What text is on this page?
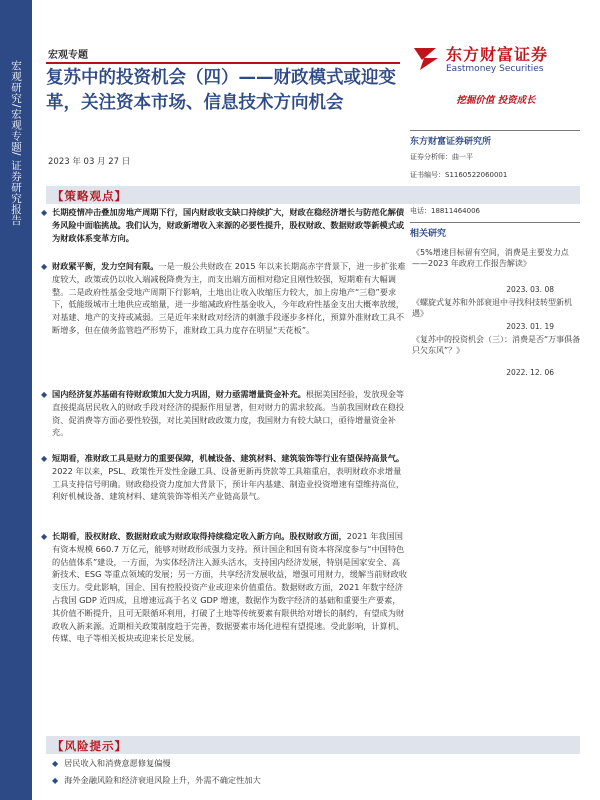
宏观研究/宏观专题/ 证券研究报告
宏观专题
复苏中的投资机会（四）——财政模式或迎变革，关注资本市场、信息技术方向机会
2023 年 03 月 27 日
东方财富证券
Eastmoney Securities
挖掘价值 投资成长
东方财富证券研究所
证券分析师：曲一平
证书编号：S1160522060001
电话：18811464006
相关研究
《5%增速目标留有空间，消费是主要发力点——2023 年政府工作报告解读》
2023. 03. 08
《螺旋式复苏和外部衰退中寻找科技转型新机遇》
2023. 01. 19
《复苏中的投资机会（三）：消费是否“万事俱备只欠东风”？》
2022. 12. 06
【策略观点】
◆ 长期疫情冲击叠加房地产周期下行，国内财政收支缺口持续扩大，财政在稳经济增长与防范化解债务风险中面临挑战。我们认为，财政新增收入来源的必要性提升，股权财政、数据财政等新模式或为财政体系变革方向。
◆ 财政紧平衡，发力空间有限。一是一般公共财政在 2015 年以来长期高赤字背景下，进一步扩张难度较大，政策或仍以收入端减税降费为主，而支出端方面相对稳定且刚性较强，短期难有大幅调整。二是政府性基金受地产周期下行影响，土地出让收入收缩压力较大，加上房地产“三稳”要求下，低能级城市土地供应或缩量，进一步缩减政府性基金收入，今年政府性基金支出大概率放缓，对基建、地产的支持或减弱。三是近年来财政对经济的刺激手段逐步多样化，预算外准财政工具不断增多，但在债务监管趋严形势下，准财政工具力度存在明显“天花板”。
◆ 国内经济复苏基础有待财政策加大发力巩固，财力亟需增量资金补充。根据美国经验，发放现金等直接提高居民收入的财政手段对经济的提振作用显著，但对财力的需求较高。当前我国财政在稳投资、促消费等方面必要性较强，对比美国财政政策力度，我国财力有较大缺口，亟待增量资金补充。
◆ 短期看，准财政工具是财力的重要保障，机械设备、建筑材料、建筑装饰等行业有望保持高景气。2022 年以来，PSL、政策性开发性金融工具、设备更新再贷款等工具箱重启，表明财政亦求增量工具支持信号明确。财政稳投资力度加大背景下，预计年内基建、制造业投资增速有望维持高位，利好机械设备、建筑材料、建筑装饰等相关产业链高景气。
◆ 长期看，股权财政、数据财政或为财政取得持续稳定收入新方向。股权财政方面，2021 年我国国有资本规模 660.7 万亿元，能够对财政形成强力支持。预计国企和国有资本将深度参与“中国特色的估值体系”建设，一方面，为实体经济注入源头活水，支持国内经济发展，特别是国家安全、高新技术、ESG 等重点领域的发展；另一方面，共享经济发展收益，增强可用财力，缓解当前财政收支压力。受此影响，国企、国有控股投资产业或迎来价值重估。数据财政方面，2021 年数字经济占我国 GDP 近四成，且增速远高于名义 GDP 增速，数据作为数字经济的基础和重要生产要素，其价值不断提升，且可无限循环利用，打破了土地等传统要素有限供给对增长的制约，有望成为财政收入新来源。近期相关政策制度趋于完善，数据要素市场化进程有望提速。受此影响，计算机、传媒、电子等相关板块或迎来长足发展。
【风险提示】
◆ 居民收入和消费意愿修复偏慢
◆ 海外金融风险和经济衰退风险上升，外需不确定性加大
